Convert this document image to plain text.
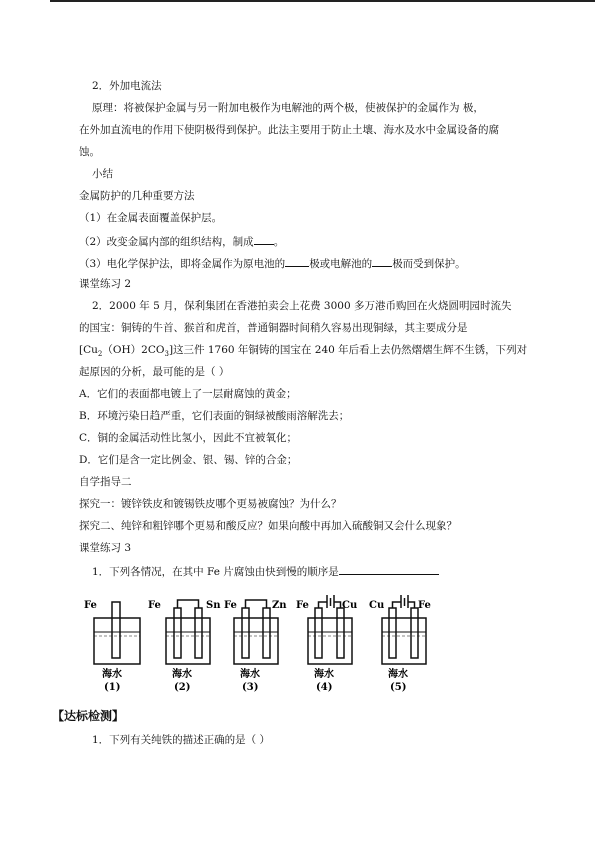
2．外加电流法
原理：将被保护金属与另一附加电极作为电解池的两个极，使被保护的金属作为 极，
在外加直流电的作用下使阴极得到保护。此法主要用于防止土壤、海水及水中金属设备的腐
蚀。
小结
金属防护的几种重要方法
（1）在金属表面覆盖保护层。
（2）改变金属内部的组织结构，制成 。
（3）电化学保护法，即将金属作为原电池的 极或电解池的 极而受到保护。
课堂练习 2
2．2000 年 5 月，保利集团在香港拍卖会上花费 3000 多万港币购回在火烧圆明园时流失
的国宝：铜铸的牛首、猴首和虎首，普通铜器时间稍久容易出现铜绿，其主要成分是
$[Cu_2(OH)2CO_3]$这三件 1760 年铜铸的国宝在 240 年后看上去仍然熠熠生辉不生锈，下列对
起原因的分析，最可能的是（ ）
A．它们的表面都电镀上了一层耐腐蚀的黄金；
B．环境污染日趋严重，它们表面的铜绿被酸雨溶解洗去；
C．铜的金属活动性比氢小，因此不宜被氧化；
D．它们是含一定比例金、银、锡、锌的合金；
自学指导二
探究一：镀锌铁皮和镀锡铁皮哪个更易被腐蚀？为什么？
探究二、纯锌和粗锌哪个更易和酸反应？如果向酸中再加入硫酸铜又会什么现象？
课堂练习 3
1．下列各情况，在其中 Fe 片腐蚀由快到慢的顺序是
Fe
海水
(1)
Fe	Sn
海水
(2)
Fe	Zn
海水
(3)
Fe	Cu
海水
(4)
Cu	Fe
海水
(5)
【达标检测】
1．下列有关纯铁的描述正确的是（ ）
